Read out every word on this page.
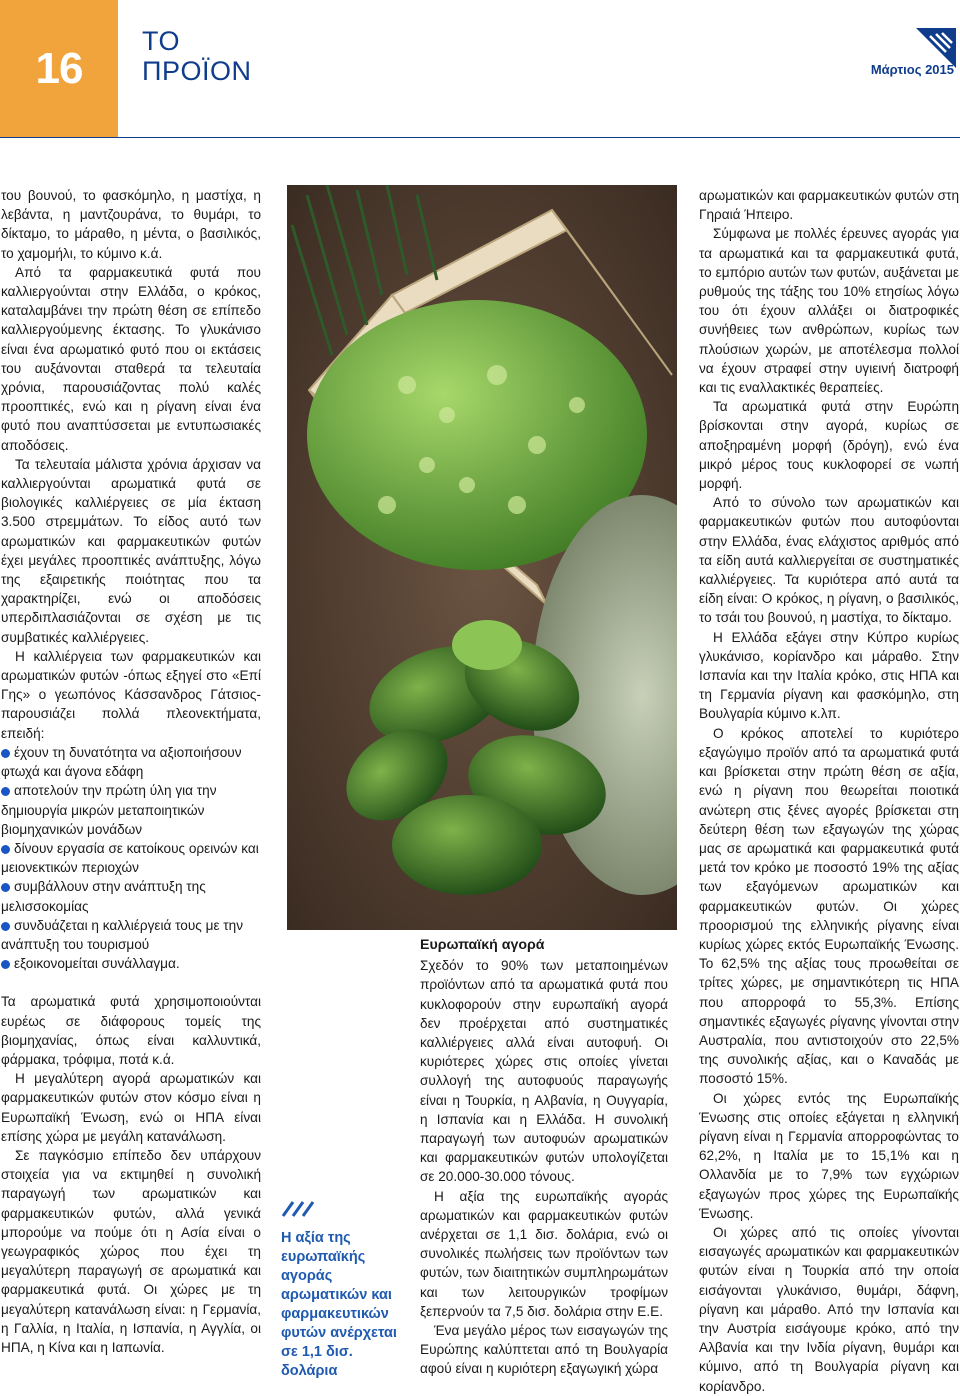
16
ΤΟ
ΠΡΟΪΟΝ	Μάρτιος 2015

του βουνού, το φασκόμηλο, η μαστίχα, η λεβάντα, η μαντζουράνα, το θυμάρι, το δίκταμο, το μάραθο, η μέντα, ο βασιλικός, το χαμομήλι, το κύμινο κ.ά.

Από τα φαρμακευτικά φυτά που καλλιεργούνται στην Ελλάδα, ο κρόκος, καταλαμβάνει την πρώτη θέση σε επίπεδο καλλιεργούμενης έκτασης. Το γλυκάνισο είναι ένα αρωματικό φυτό που οι εκτάσεις του αυξάνονται σταθερά τα τελευταία χρόνια, παρουσιάζοντας πολύ καλές προοπτικές, ενώ και η ρίγανη είναι ένα φυτό που αναπτύσσεται με εντυπωσιακές αποδόσεις.

Τα τελευταία μάλιστα χρόνια άρχισαν να καλλιεργούνται αρωματικά φυτά σε βιολογικές καλλιέργειες σε μία έκταση 3.500 στρεμμάτων. Το είδος αυτό των αρωματικών και φαρμακευτικών φυτών έχει μεγάλες προοπτικές ανάπτυξης, λόγω της εξαιρετικής ποιότητας που τα χαρακτηρίζει, ενώ οι αποδόσεις υπερδιπλασιάζονται σε σχέση με τις συμβατικές καλλιέργειες.

Η καλλιέργεια των φαρμακευτικών και αρωματικών φυτών -όπως εξηγεί στο «Επί Γης» ο γεωπόνος Κάσσανδρος Γάτσιος- παρουσιάζει πολλά πλεονεκτήματα, επειδή:

έχουν τη δυνατότητα να αξιοποιήσουν φτωχά και άγονα εδάφη
αποτελούν την πρώτη ύλη για την δημιουργία μικρών μεταποιητικών βιομηχανικών μονάδων
δίνουν εργασία σε κατοίκους ορεινών και μειονεκτικών περιοχών
συμβάλλουν στην ανάπτυξη της μελισσοκομίας
συνδυάζεται η καλλιέργειά τους με την ανάπτυξη του τουρισμού
εξοικονομείται συνάλλαγμα.

Τα αρωματικά φυτά χρησιμοποιούνται ευρέως σε διάφορους τομείς της βιομηχανίας, όπως είναι καλλυντικά, φάρμακα, τρόφιμα, ποτά κ.ά.

Η μεγαλύτερη αγορά αρωματικών και φαρμακευτικών φυτών στον κόσμο είναι η Ευρωπαϊκή Ένωση, ενώ οι ΗΠΑ είναι επίσης χώρα με μεγάλη κατανάλωση.

Σε παγκόσμιο επίπεδο δεν υπάρχουν στοιχεία για να εκτιμηθεί η συνολική παραγωγή των αρωματικών και φαρμακευτικών φυτών, αλλά γενικά μπορούμε να πούμε ότι η Ασία είναι ο γεωγραφικός χώρος που έχει τη μεγαλύτερη παραγωγή σε αρωματικά και φαρμακευτικά φυτά. Οι χώρες με τη μεγαλύτερη κατανάλωση είναι: η Γερμανία, η Γαλλία, η Ιταλία, η Ισπανία, η Αγγλία, οι ΗΠΑ, η Κίνα και η Ιαπωνία.

Η αξία της ευρωπαϊκής αγοράς αρωματικών και φαρμακευτικών φυτών ανέρχεται σε 1,1 δισ. δολάρια
Ευρωπαϊκή αγορά

Σχεδόν το 90% των μεταποιημένων προϊόντων από τα αρωματικά φυτά που κυκλοφορούν στην ευρωπαϊκή αγορά δεν προέρχεται από συστηματικές καλλιέργειες αλλά είναι αυτοφυή. Οι κυριότερες χώρες στις οποίες γίνεται συλλογή της αυτοφυούς παραγωγής είναι η Τουρκία, η Αλβανία, η Ουγγαρία, η Ισπανία και η Ελλάδα. Η συνολική παραγωγή των αυτοφυών αρωματικών και φαρμακευτικών φυτών υπολογίζεται σε 20.000-30.000 τόνους.

Η αξία της ευρωπαϊκής αγοράς αρωματικών και φαρμακευτικών φυτών ανέρχεται σε 1,1 δισ. δολάρια, ενώ οι συνολικές πωλήσεις των προϊόντων των φυτών, των διαιτητικών συμπληρωμάτων και των λειτουργικών τροφίμων ξεπερνούν τα 7,5 δισ. δολάρια στην Ε.Ε.

Ένα μεγάλο μέρος των εισαγωγών της Ευρώπης καλύπτεται από τη Βουλγαρία αφού είναι η κυριότερη εξαγωγική χώρα

αρωματικών και φαρμακευτικών φυτών στη Γηραιά Ήπειρο.

Σύμφωνα με πολλές έρευνες αγοράς για τα αρωματικά και τα φαρμακευτικά φυτά, το εμπόριο αυτών των φυτών, αυξάνεται με ρυθμούς της τάξης του 10% ετησίως λόγω του ότι έχουν αλλάξει οι διατροφικές συνήθειες των ανθρώπων, κυρίως των πλούσιων χωρών, με αποτέλεσμα πολλοί να έχουν στραφεί στην υγιεινή διατροφή και τις εναλλακτικές θεραπείες.

Τα αρωματικά φυτά στην Ευρώπη βρίσκονται στην αγορά, κυρίως σε αποξηραμένη μορφή (δρόγη), ενώ ένα μικρό μέρος τους κυκλοφορεί σε νωπή μορφή.

Από το σύνολο των αρωματικών και φαρμακευτικών φυτών που αυτοφύονται στην Ελλάδα, ένας ελάχιστος αριθμός από τα είδη αυτά καλλιεργείται σε συστηματικές καλλιέργειες. Τα κυριότερα από αυτά τα είδη είναι: Ο κρόκος, η ρίγανη, ο βασιλικός, το τσάι του βουνού, η μαστίχα, το δίκταμο.

Η Ελλάδα εξάγει στην Κύπρο κυρίως γλυκάνισο, κορίανδρο και μάραθο. Στην Ισπανία και την Ιταλία κρόκο, στις ΗΠΑ και τη Γερμανία ρίγανη και φασκόμηλο, στη Βουλγαρία κύμινο κ.λπ.

Ο κρόκος αποτελεί το κυριότερο εξαγώγιμο προϊόν από τα αρωματικά φυτά και βρίσκεται στην πρώτη θέση σε αξία, ενώ η ρίγανη που θεωρείται ποιοτικά ανώτερη στις ξένες αγορές βρίσκεται στη δεύτερη θέση των εξαγωγών της χώρας μας σε αρωματικά και φαρμακευτικά φυτά μετά τον κρόκο με ποσοστό 19% της αξίας των εξαγόμενων αρωματικών και φαρμακευτικών φυτών. Οι χώρες προορισμού της ελληνικής ρίγανης είναι κυρίως χώρες εκτός Ευρωπαϊκής Ένωσης. Το 62,5% της αξίας τους προωθείται σε τρίτες χώρες, με σημαντικότερη τις ΗΠΑ που απορροφά το 55,3%. Επίσης σημαντικές εξαγωγές ρίγανης γίνονται στην Αυστραλία, που αντιστοιχούν στο 22,5% της συνολικής αξίας, και ο Καναδάς με ποσοστό 15%.

Οι χώρες εντός της Ευρωπαϊκής Ένωσης στις οποίες εξάγεται η ελληνική ρίγανη είναι η Γερμανία απορροφώντας το 62,2%, η Ιταλία με το 15,1% και η Ολλανδία με το 7,9% των εγχώριων εξαγωγών προς χώρες της Ευρωπαϊκής Ένωσης.

Οι χώρες από τις οποίες γίνονται εισαγωγές αρωματικών και φαρμακευτικών φυτών είναι η Τουρκία από την οποία εισάγονται γλυκάνισο, θυμάρι, δάφνη, ρίγανη και μάραθο. Από την Ισπανία και την Αυστρία εισάγουμε κρόκο, από την Αλβανία και την Ινδία ρίγανη, θυμάρι και κύμινο, από τη Βουλγαρία ρίγανη και κορίανδρο.
